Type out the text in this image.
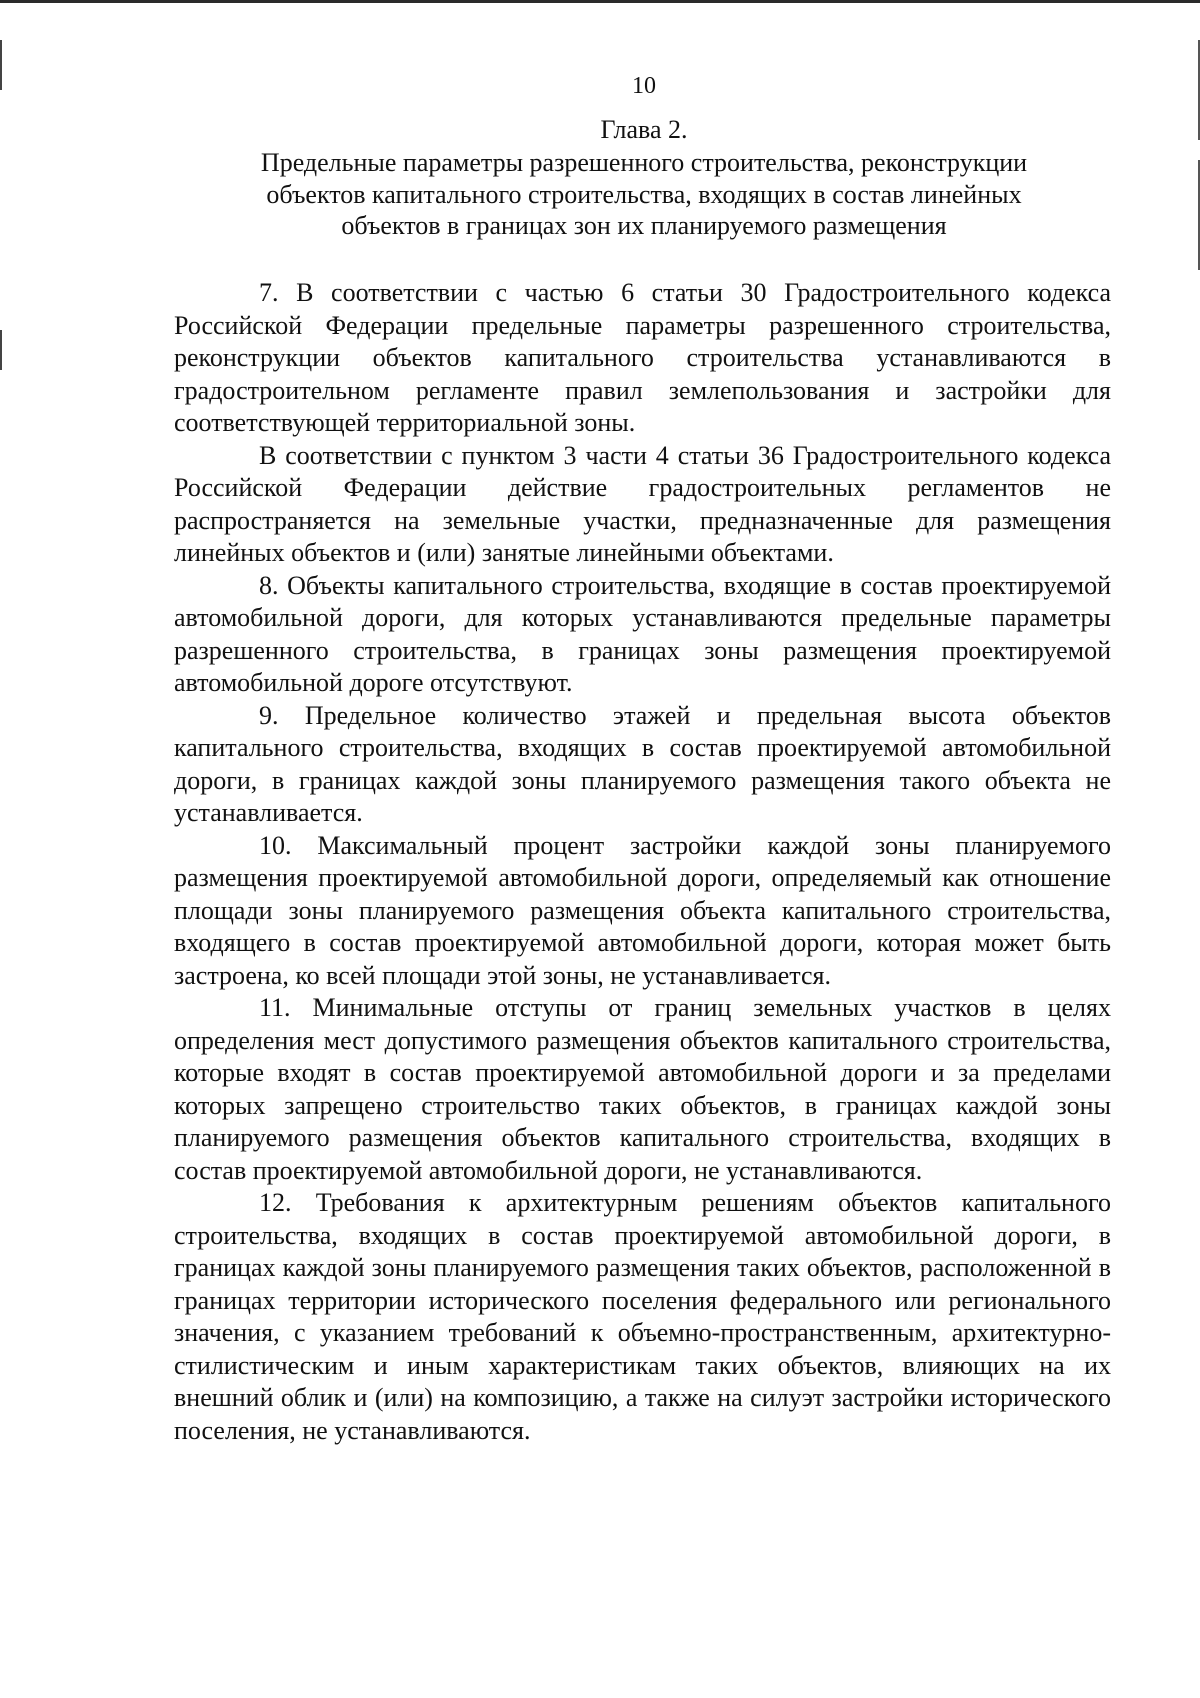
10
Глава 2.
Предельные параметры разрешенного строительства, реконструкции
объектов капитального строительства, входящих в состав линейных
объектов в границах зон их планируемого размещения

7. В соответствии с частью 6 статьи 30 Градостроительного кодекса Российской Федерации предельные параметры разрешенного строительства, реконструкции объектов капитального строительства устанавливаются в градостроительном регламенте правил землепользования и застройки для соответствующей территориальной зоны.

В соответствии с пунктом 3 части 4 статьи 36 Градостроительного кодекса Российской Федерации действие градостроительных регламентов не распространяется на земельные участки, предназначенные для размещения линейных объектов и (или) занятые линейными объектами.

8. Объекты капитального строительства, входящие в состав проектируемой автомобильной дороги, для которых устанавливаются предельные параметры разрешенного строительства, в границах зоны размещения проектируемой автомобильной дороге отсутствуют.

9. Предельное количество этажей и предельная высота объектов капитального строительства, входящих в состав проектируемой автомобильной дороги, в границах каждой зоны планируемого размещения такого объекта не устанавливается.

10. Максимальный процент застройки каждой зоны планируемого размещения проектируемой автомобильной дороги, определяемый как отношение площади зоны планируемого размещения объекта капитального строительства, входящего в состав проектируемой автомобильной дороги, которая может быть застроена, ко всей площади этой зоны, не устанавливается.

11. Минимальные отступы от границ земельных участков в целях определения мест допустимого размещения объектов капитального строительства, которые входят в состав проектируемой автомобильной дороги и за пределами которых запрещено строительство таких объектов, в границах каждой зоны планируемого размещения объектов капитального строительства, входящих в состав проектируемой автомобильной дороги, не устанавливаются.

12. Требования к архитектурным решениям объектов капитального строительства, входящих в состав проектируемой автомобильной дороги, в границах каждой зоны планируемого размещения таких объектов, расположенной в границах территории исторического поселения федерального или регионального значения, с указанием требований к объемно-пространственным, архитектурно-стилистическим и иным характеристикам таких объектов, влияющих на их внешний облик и (или) на композицию, а также на силуэт застройки исторического поселения, не устанавливаются.
